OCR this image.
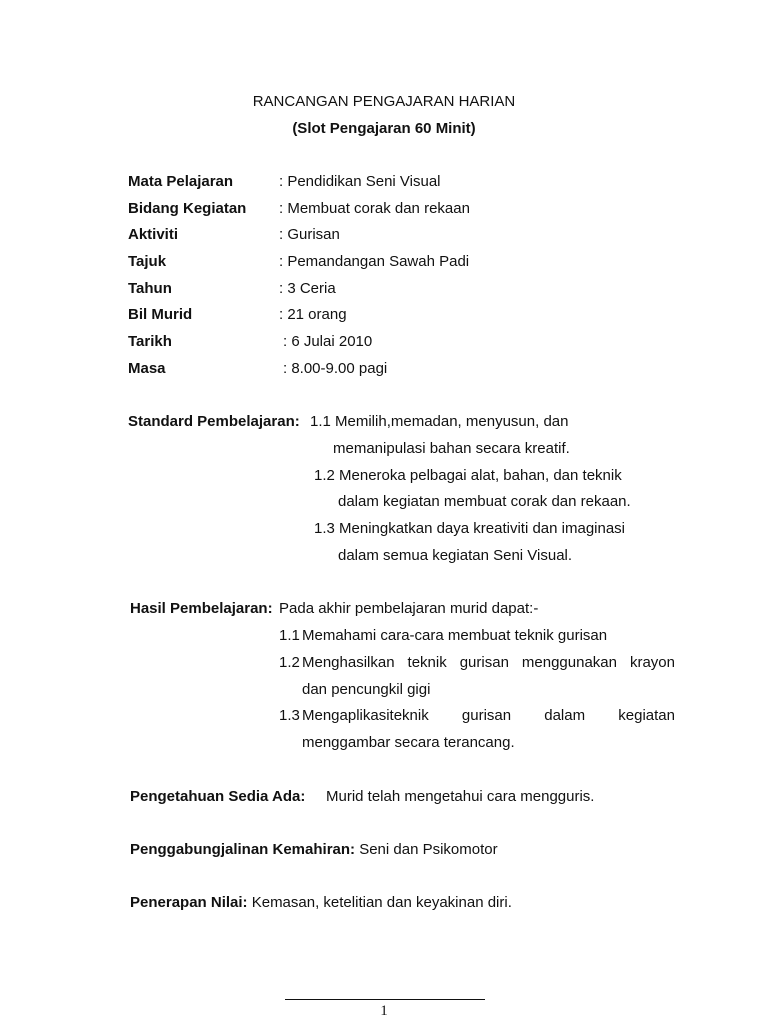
RANCANGAN PENGAJARAN HARIAN
(Slot Pengajaran 60 Minit)
Mata Pelajaran	: Pendidikan Seni Visual
Bidang Kegiatan : Membuat corak dan rekaan
Aktiviti	: Gurisan
Tajuk	: Pemandangan Sawah Padi
Tahun	: 3 Ceria
Bil Murid	: 21 orang
Tarikh	: 6 Julai 2010
Masa	: 8.00-9.00 pagi
Standard Pembelajaran: 1.1 Memilih,memadan, menyusun, dan
memanipulasi bahan secara kreatif.
1.2 Meneroka pelbagai alat, bahan, dan teknik
dalam kegiatan membuat corak dan rekaan.
1.3 Meningkatkan daya kreativiti dan imaginasi
dalam semua kegiatan Seni Visual.
Hasil Pembelajaran: Pada akhir pembelajaran murid dapat:-
1.1 Memahami cara-cara membuat teknik gurisan
1.2 Menghasilkan teknik gurisan menggunakan krayon
dan pencungkil gigi
1.3 Mengaplikasiteknik gurisan dalam kegiatan
menggambar secara terancang.
Pengetahuan Sedia Ada: Murid telah mengetahui cara mengguris.
Penggabungjalinan Kemahiran: Seni dan Psikomotor
Penerapan Nilai: Kemasan, ketelitian dan keyakinan diri.
1
